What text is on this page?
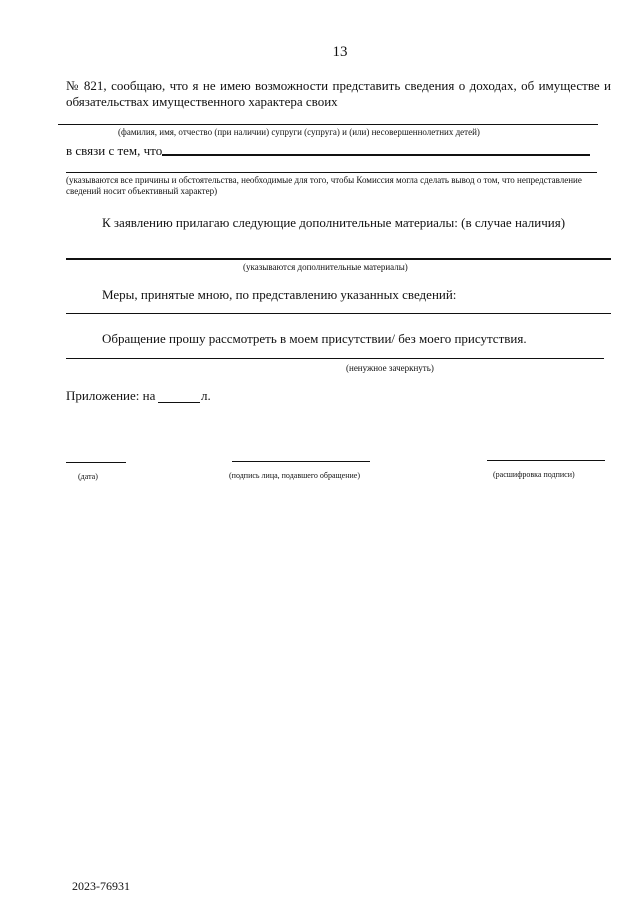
13
№ 821, сообщаю, что я не имею возможности представить сведения о доходах, об имуществе и обязательствах имущественного характера своих
(фамилия, имя, отчество (при наличии) супруги (супруга) и (или) несовершеннолетних детей)
в связи с тем, что
(указываются все причины и обстоятельства, необходимые для того, чтобы Комиссия могла сделать вывод о том, что непредставление сведений носит объективный характер)
К заявлению прилагаю следующие дополнительные материалы: (в случае наличия)
(указываются дополнительные материалы)
Меры, принятые мною, по представлению указанных сведений:
Обращение прошу рассмотреть в моем присутствии/ без моего присутствия.
(ненужное зачеркнуть)
Приложение: на	л.
(дата)	(подпись лица, подавшего обращение)	(расшифровка подписи)
2023-76931
